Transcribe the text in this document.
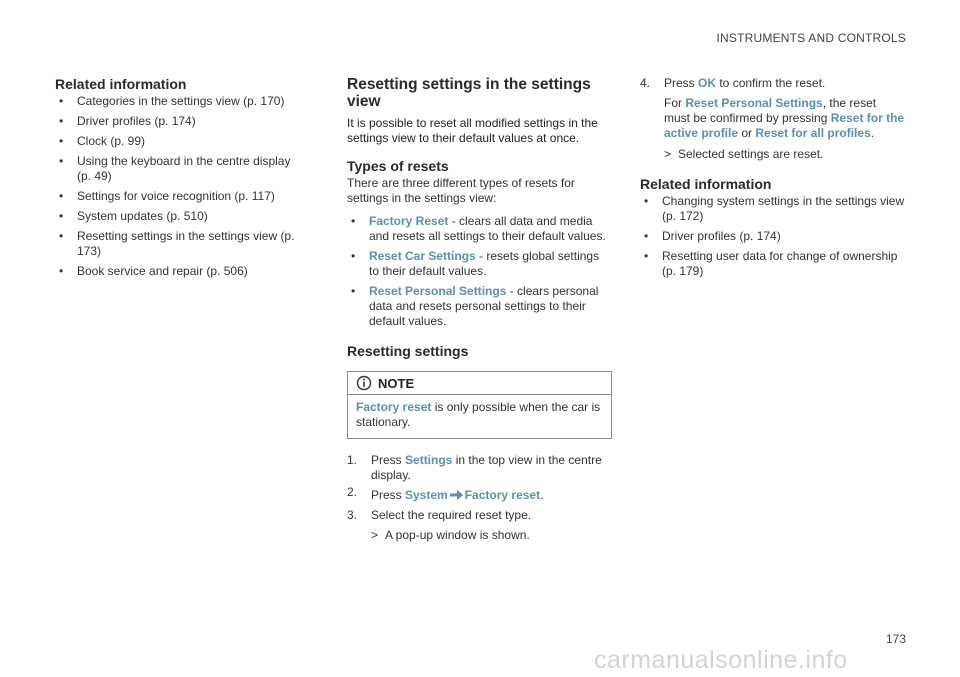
INSTRUMENTS AND CONTROLS
Related information
• Categories in the settings view (p. 170)
• Driver profiles (p. 174)
• Clock (p. 99)
• Using the keyboard in the centre display (p. 49)
• Settings for voice recognition (p. 117)
• System updates (p. 510)
• Resetting settings in the settings view (p. 173)
• Book service and repair (p. 506)
Resetting settings in the settings view

It is possible to reset all modified settings in the settings view to their default values at once.

Types of resets

There are three different types of resets for settings in the settings view:

• Factory Reset - clears all data and media and resets all settings to their default values.
• Reset Car Settings - resets global settings to their default values.
• Reset Personal Settings - clears personal data and resets personal settings to their default values.
Resetting settings
NOTE
Factory reset is only possible when the car is stationary.
1. Press Settings in the top view in the centre display.
2. Press System Factory reset.
3. Select the required reset type.
> A pop-up window is shown.
4. Press OK to confirm the reset.
For Reset Personal Settings, the reset must be confirmed by pressing Reset for the active profile or Reset for all profiles.
> Selected settings are reset.
Related information
• Changing system settings in the settings view (p. 172)
• Driver profiles (p. 174)
• Resetting user data for change of ownership (p. 179)
173
carmanualsonline.info
